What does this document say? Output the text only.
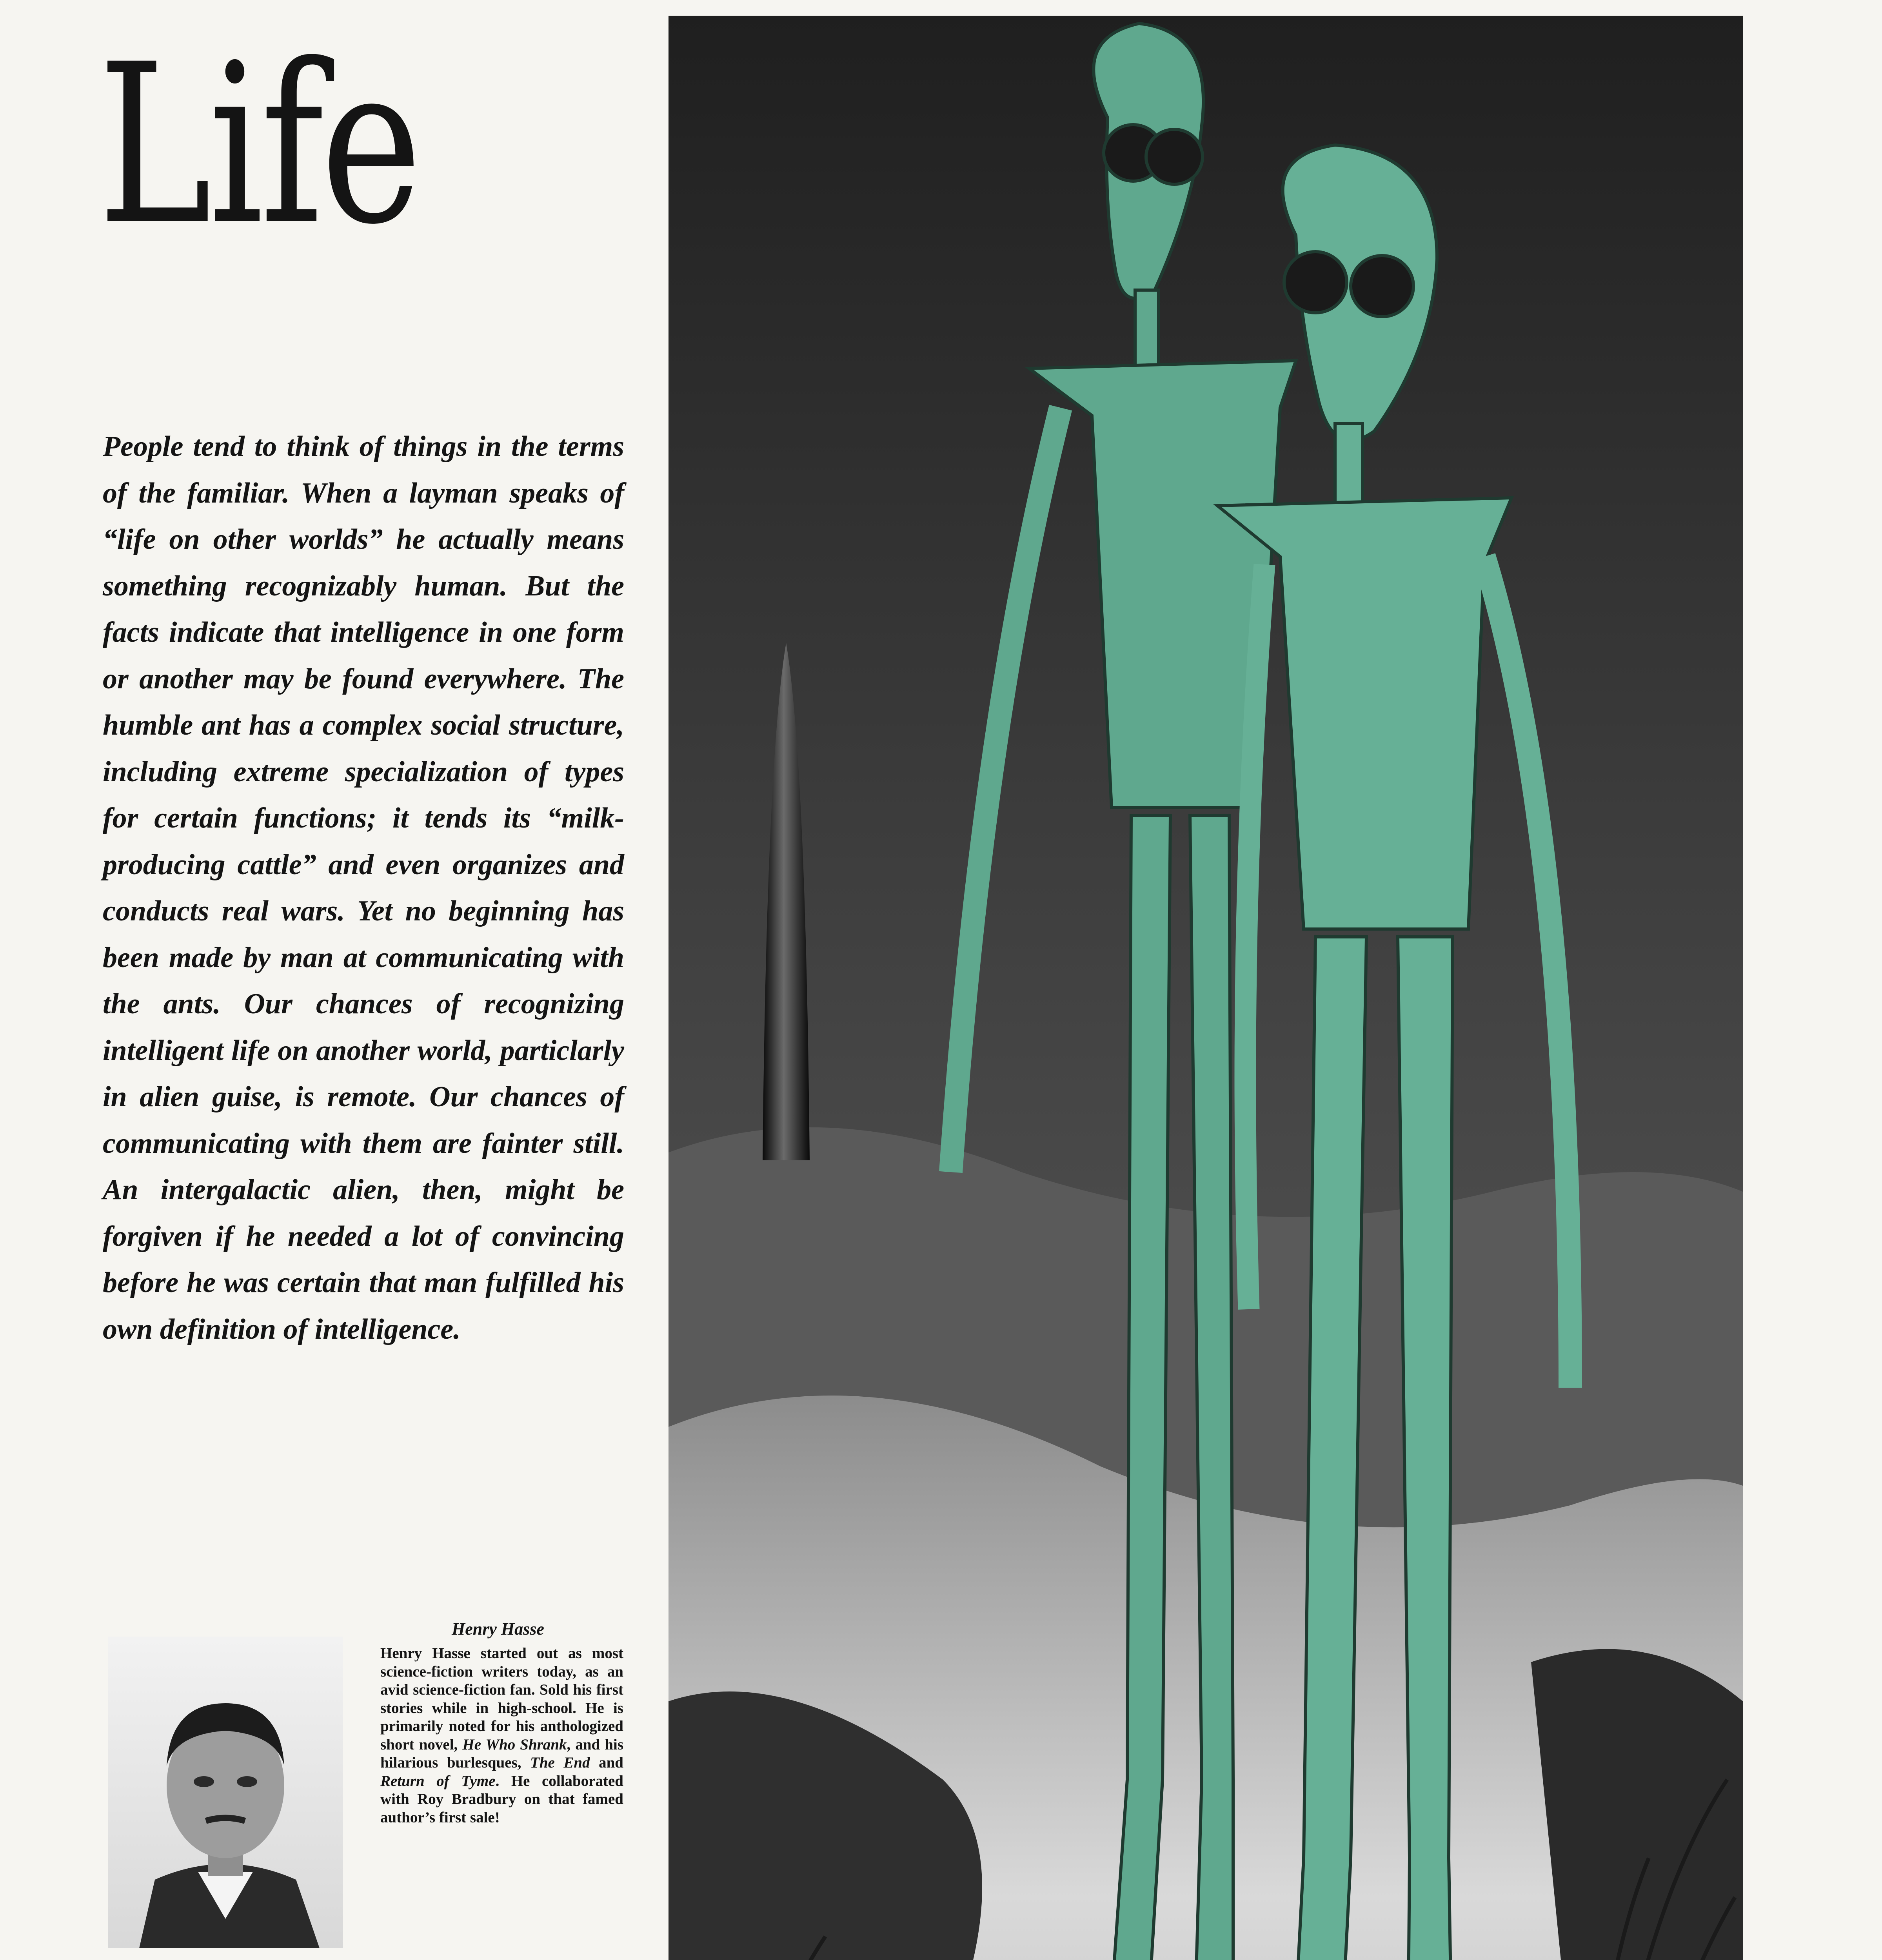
Life
People tend to think of things in the terms of the familiar. When a layman speaks of “life on other worlds” he actually means something recognizably human. But the facts indicate that intelligence in one form or another may be found everywhere. The humble ant has a complex social structure, including extreme specialization of types for certain functions; it tends its “milk-producing cattle” and even organizes and conducts real wars. Yet no beginning has been made by man at communicating with the ants. Our chances of recognizing intelligent life on another world, particlarly in alien guise, is remote. Our chances of communicating with them are fainter still. An intergalactic alien, then, might be forgiven if he needed a lot of convincing before he was certain that man fulfilled his own definition of intelligence.
Henry Hasse
Henry Hasse started out as most science-fiction writers today, as an avid science-fiction fan. Sold his first stories while in high-school. He is primarily noted for his anthologized short novel, He Who Shrank, and his hilarious burlesques, The End and Return of Tyme. He collaborated with Roy Bradbury on that famed author’s first sale!
